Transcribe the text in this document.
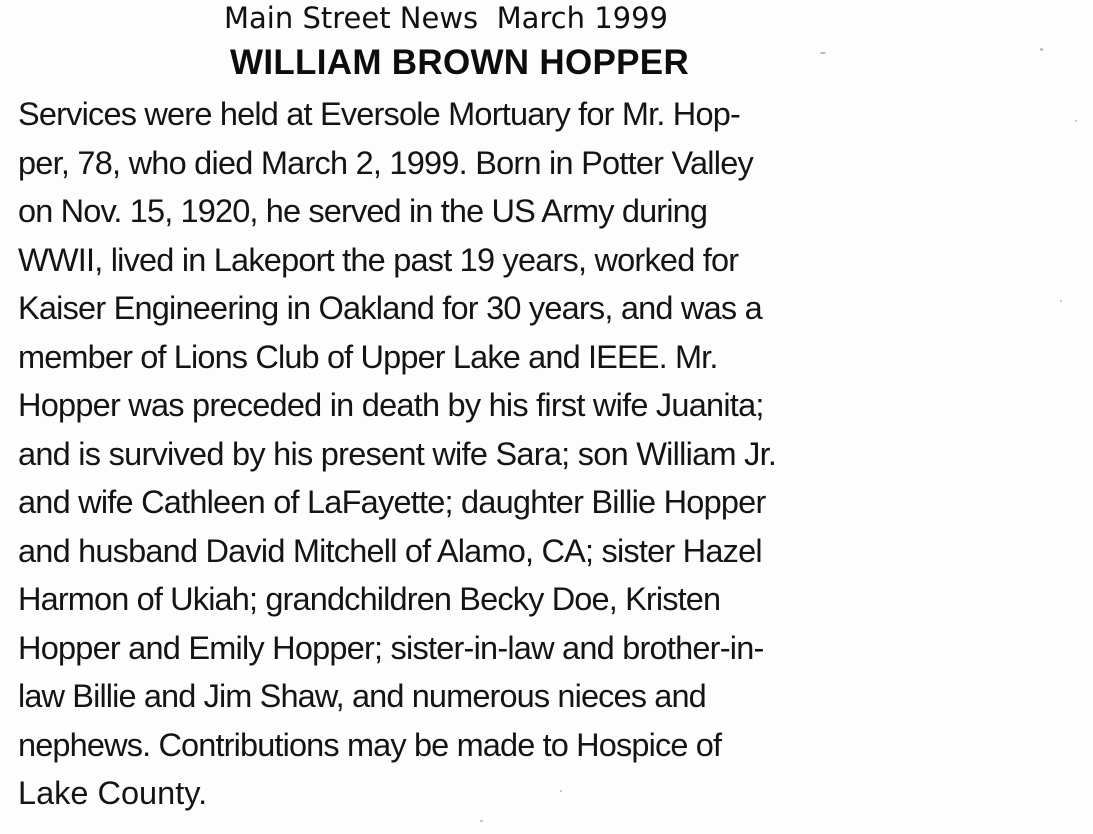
Main Street News  March 1999
WILLIAM BROWN HOPPER
Services were held at Eversole Mortuary for Mr. Hop-
per, 78, who died March 2, 1999. Born in Potter Valley
on Nov. 15, 1920, he served in the US Army during
WWII, lived in Lakeport the past 19 years, worked for
Kaiser Engineering in Oakland for 30 years, and was a
member of Lions Club of Upper Lake and IEEE. Mr.
Hopper was preceded in death by his first wife Juanita;
and is survived by his present wife Sara; son William Jr.
and wife Cathleen of LaFayette; daughter Billie Hopper
and husband David Mitchell of Alamo, CA; sister Hazel
Harmon of Ukiah; grandchildren Becky Doe, Kristen
Hopper and Emily Hopper; sister-in-law and brother-in-
law Billie and Jim Shaw, and numerous nieces and
nephews. Contributions may be made to Hospice of
Lake County.
